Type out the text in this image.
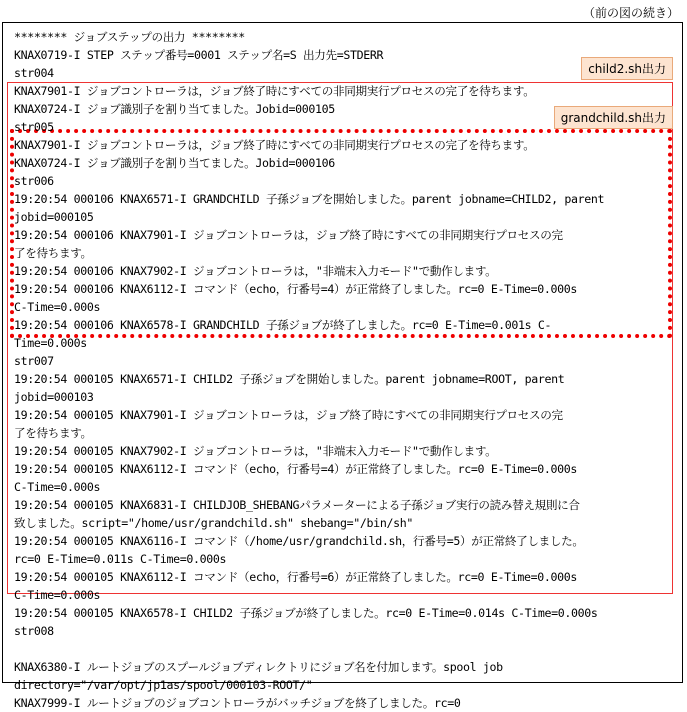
（前の図の続き）
child2.sh出力
grandchild.sh出力
******** ジョブステップの出力 ********
KNAX0719-I STEP ステップ番号=0001 ステップ名=S 出力先=STDERR
str004
KNAX7901-I ジョブコントローラは，ジョブ終了時にすべての非同期実行プロセスの完了を待ちます。
KNAX0724-I ジョブ識別子を割り当てました。Jobid=000105
str005
KNAX7901-I ジョブコントローラは，ジョブ終了時にすべての非同期実行プロセスの完了を待ちます。
KNAX0724-I ジョブ識別子を割り当てました。Jobid=000106
str006
19:20:54 000106 KNAX6571-I GRANDCHILD 子孫ジョブを開始しました。parent jobname=CHILD2, parent
jobid=000105
19:20:54 000106 KNAX7901-I ジョブコントローラは，ジョブ終了時にすべての非同期実行プロセスの完
了を待ちます。
19:20:54 000106 KNAX7902-I ジョブコントローラは，"非端末入力モード"で動作します。
19:20:54 000106 KNAX6112-I コマンド（echo，行番号=4）が正常終了しました。rc=0 E-Time=0.000s
C-Time=0.000s
19:20:54 000106 KNAX6578-I GRANDCHILD 子孫ジョブが終了しました。rc=0 E-Time=0.001s C-
Time=0.000s
str007
19:20:54 000105 KNAX6571-I CHILD2 子孫ジョブを開始しました。parent jobname=ROOT, parent
jobid=000103
19:20:54 000105 KNAX7901-I ジョブコントローラは，ジョブ終了時にすべての非同期実行プロセスの完
了を待ちます。
19:20:54 000105 KNAX7902-I ジョブコントローラは，"非端末入力モード"で動作します。
19:20:54 000105 KNAX6112-I コマンド（echo，行番号=4）が正常終了しました。rc=0 E-Time=0.000s
C-Time=0.000s
19:20:54 000105 KNAX6831-I CHILDJOB_SHEBANGパラメーターによる子孫ジョブ実行の読み替え規則に合
致しました。script="/home/usr/grandchild.sh" shebang="/bin/sh"
19:20:54 000105 KNAX6116-I コマンド（/home/usr/grandchild.sh，行番号=5）が正常終了しました。
rc=0 E-Time=0.011s C-Time=0.000s
19:20:54 000105 KNAX6112-I コマンド（echo，行番号=6）が正常終了しました。rc=0 E-Time=0.000s
C-Time=0.000s
19:20:54 000105 KNAX6578-I CHILD2 子孫ジョブが終了しました。rc=0 E-Time=0.014s C-Time=0.000s
str008
KNAX6380-I ルートジョブのスプールジョブディレクトリにジョブ名を付加します。spool job
directory="/var/opt/jp1as/spool/000103-ROOT/"
KNAX7999-I ルートジョブのジョブコントローラがバッチジョブを終了しました。rc=0
